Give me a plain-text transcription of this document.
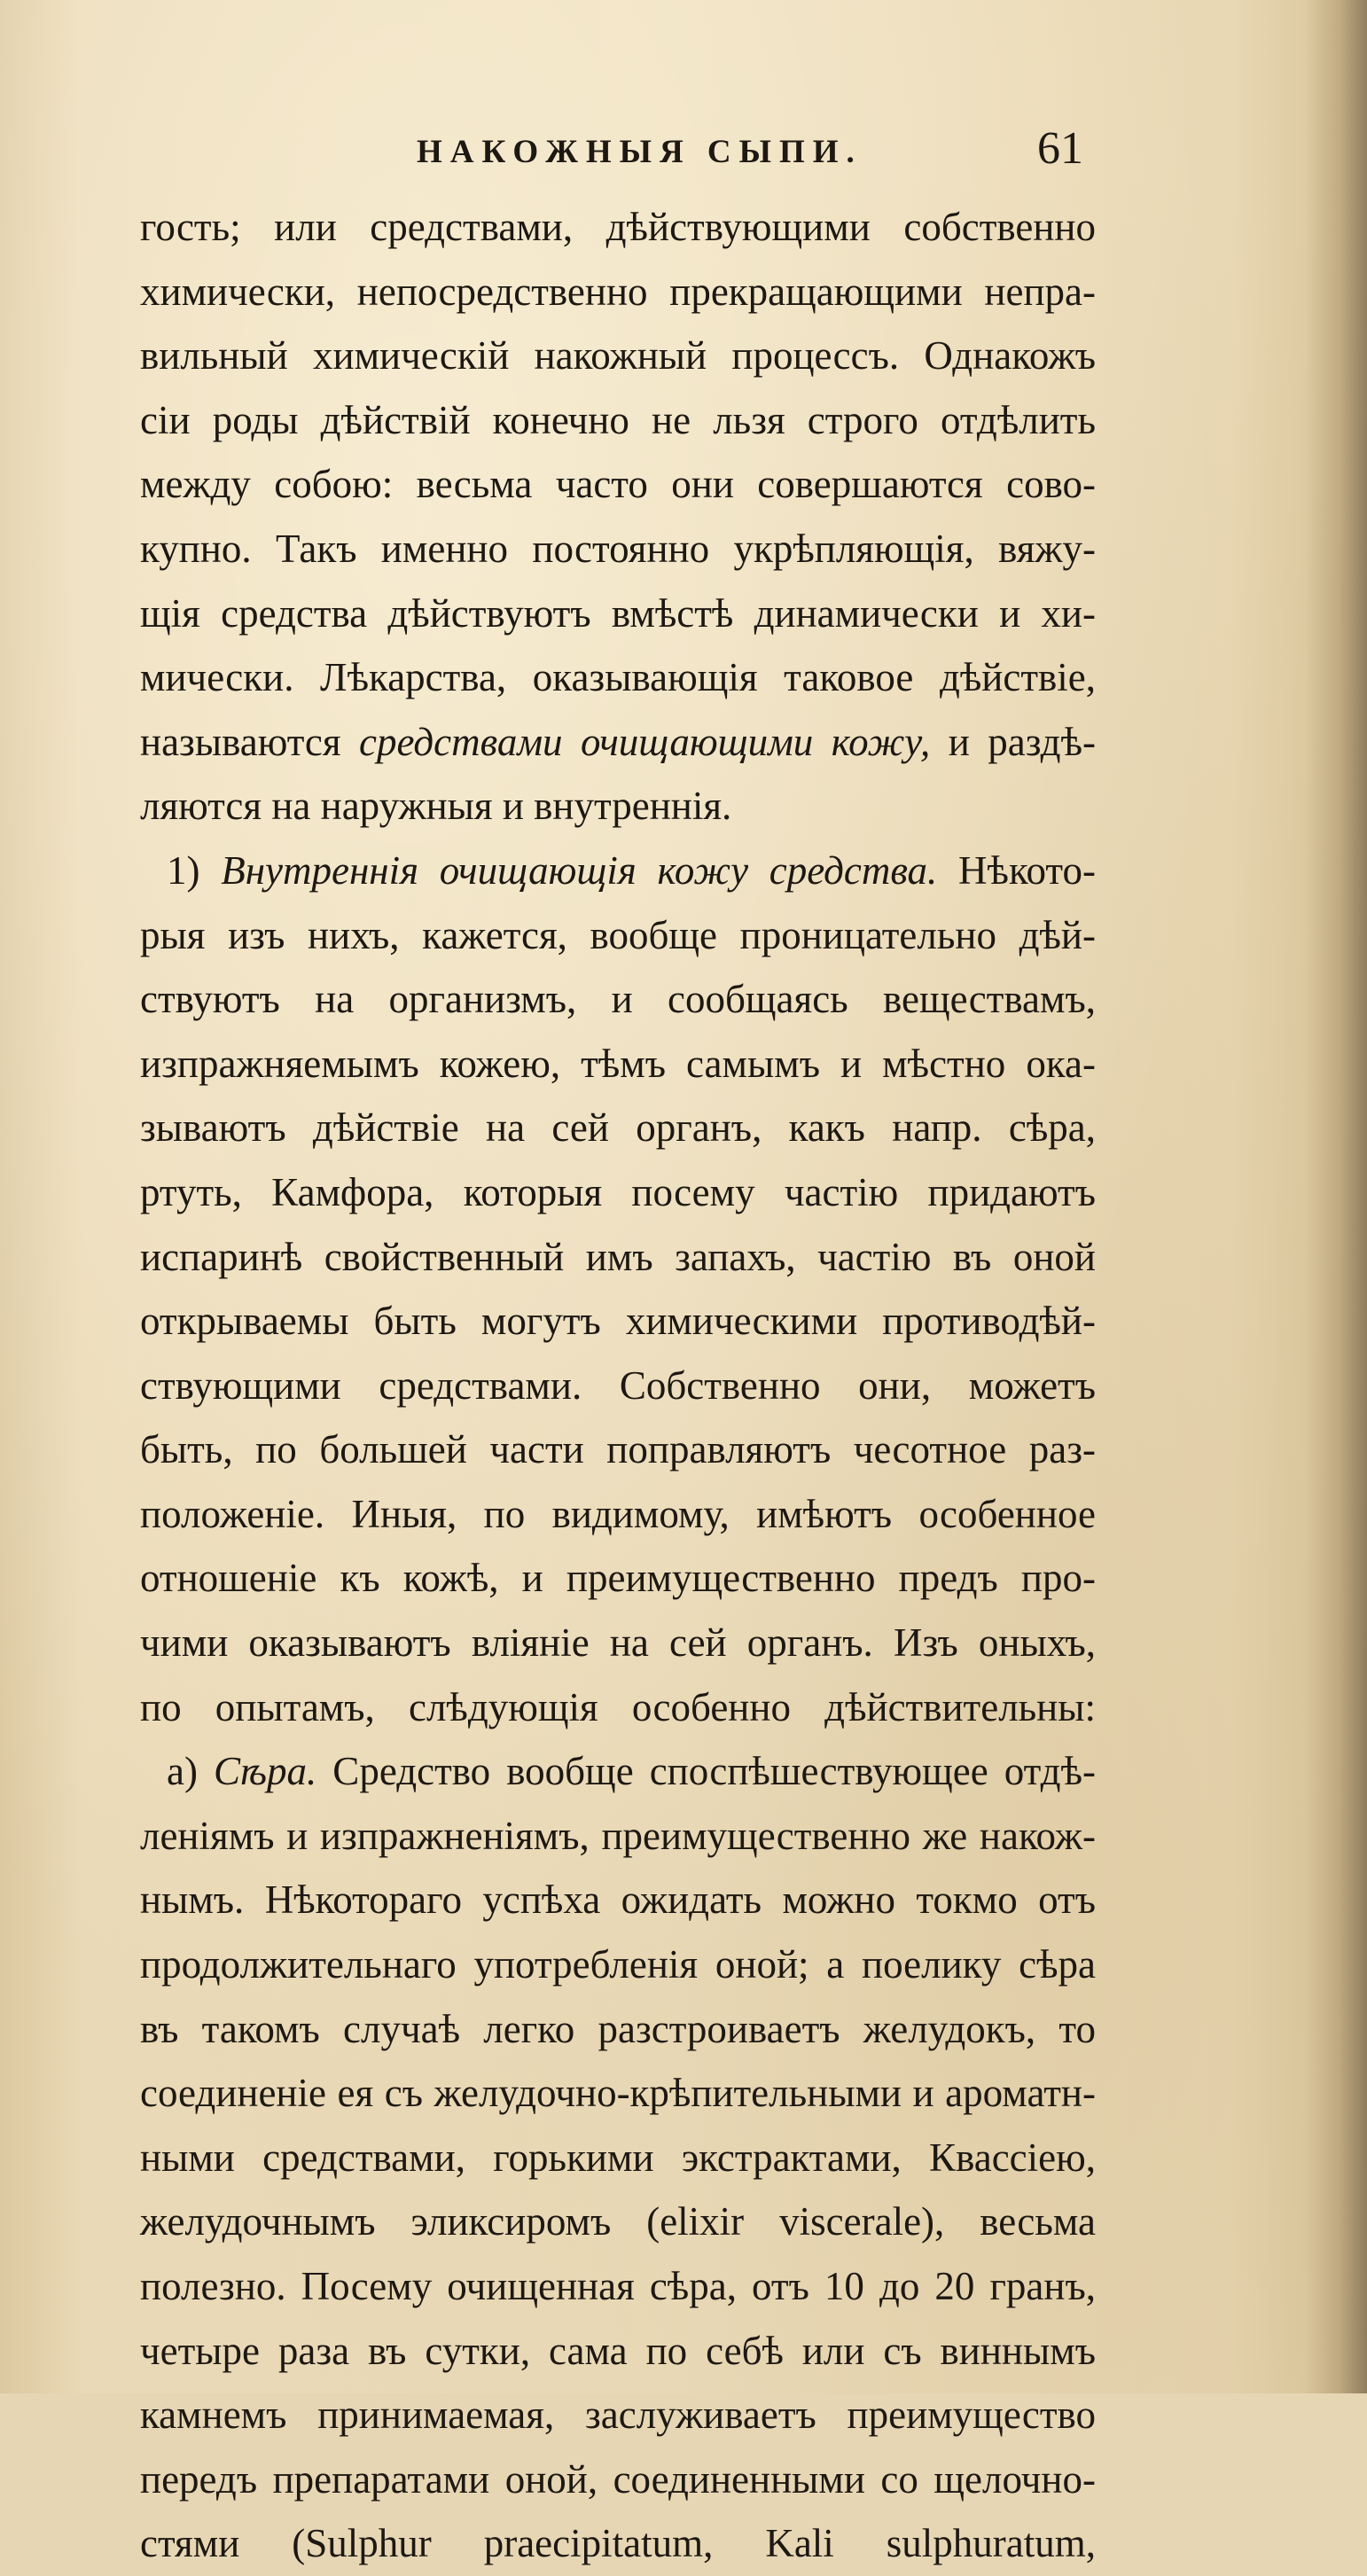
НАКОЖНЫЯ СЫПИ.	61
гость; или средствами, дѣйствующими собственно
химически, непосредственно прекращающими непра-
вильный химическій накожный процессъ. Однакожъ
сіи роды дѣйствій конечно не льзя строго отдѣлить
между собою: весьма часто они совершаются сово-
купно. Такъ именно постоянно укрѣпляющія, вяжу-
щія средства дѣйствуютъ вмѣстѣ динамически и хи-
мически. Лѣкарства, оказывающія таковое дѣйствіе,
называются средствами очищающими кожу, и раздѣ-
ляются на наружныя и внутреннія.
1) Внутреннія очищающія кожу средства. Нѣкото-
рыя изъ нихъ, кажется, вообще проницательно дѣй-
ствуютъ на организмъ, и сообщаясь веществамъ,
изпражняемымъ кожею, тѣмъ самымъ и мѣстно ока-
зываютъ дѣйствіе на сей органъ, какъ напр. сѣра,
ртуть, Камфора, которыя посему частію придаютъ
испаринѣ свойственный имъ запахъ, частію въ оной
открываемы быть могутъ химическими противодѣй-
ствующими средствами. Собственно они, можетъ
быть, по большей части поправляютъ чесотное раз-
положеніе. Иныя, по видимому, имѣютъ особенное
отношеніе къ кожѣ, и преимущественно предъ про-
чими оказываютъ вліяніе на сей органъ. Изъ оныхъ,
по опытамъ, слѣдующія особенно дѣйствительны:
a) Сѣра. Средство вообще споспѣшествующее отдѣ-
леніямъ и изпражненіямъ, преимущественно же накож-
нымъ. Нѣкотораго успѣха ожидать можно токмо отъ
продолжительнаго употребленія оной; а поелику сѣра
въ такомъ случаѣ легко разстроиваетъ желудокъ, то
соединеніе ея съ желудочно-крѣпительными и ароматн-
ными средствами, горькими экстрактами, Квассіею,
желудочнымъ эликсиромъ (elixir viscerale), весьма
полезно. Посему очищенная сѣра, отъ 10 до 20 гранъ,
четыре раза въ сутки, сама по себѣ или съ виннымъ
камнемъ принимаемая, заслуживаетъ преимущество
передъ препаратами оной, соединенными со щелочно-
стями (Sulphur praecipitatum, Kali sulphuratum,
